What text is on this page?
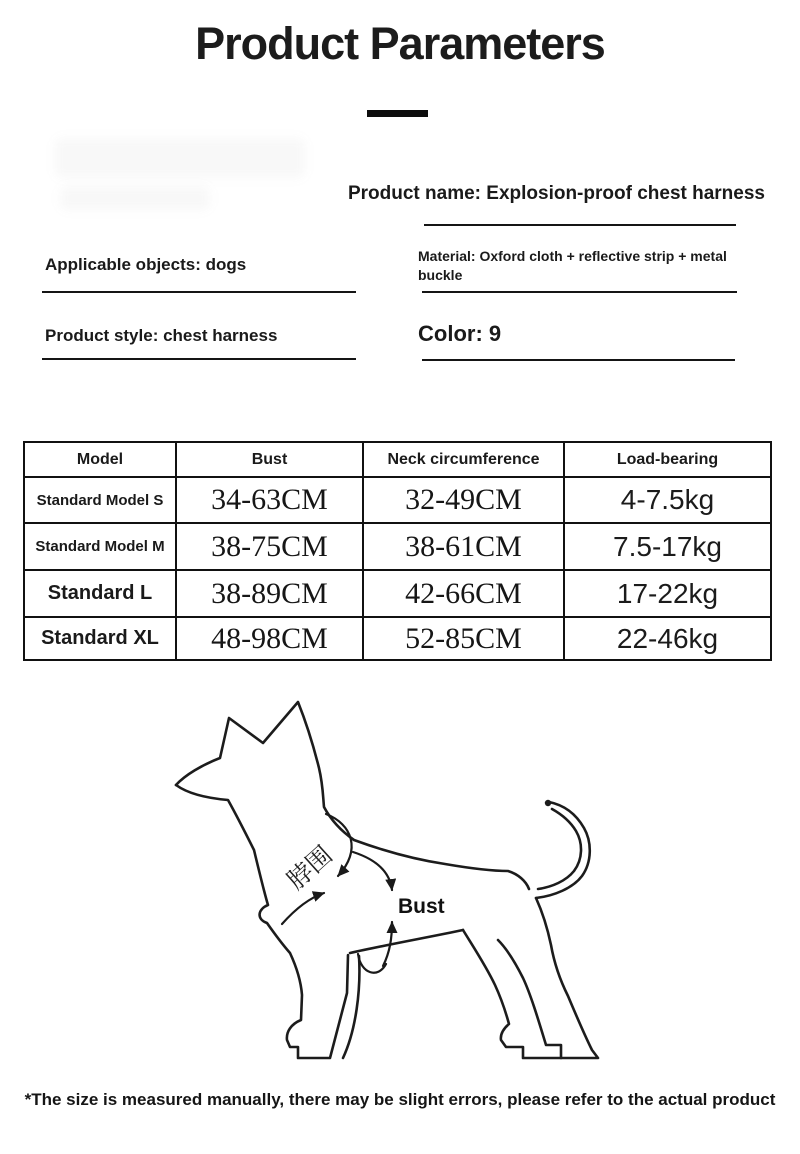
Product Parameters
Product name: Explosion-proof chest harness
Applicable objects: dogs	Material: Oxford cloth + reflective strip + metal buckle
Product style: chest harness	Color: 9
Model	Bust	Neck circumference	Load-bearing
Standard Model S	34-63CM	32-49CM	4-7.5kg
Standard Model M	38-75CM	38-61CM	7.5-17kg
Standard L	38-89CM	42-66CM	17-22kg
Standard XL	48-98CM	52-85CM	22-46kg
脖围
Bust
*The size is measured manually, there may be slight errors, please refer to the actual product
